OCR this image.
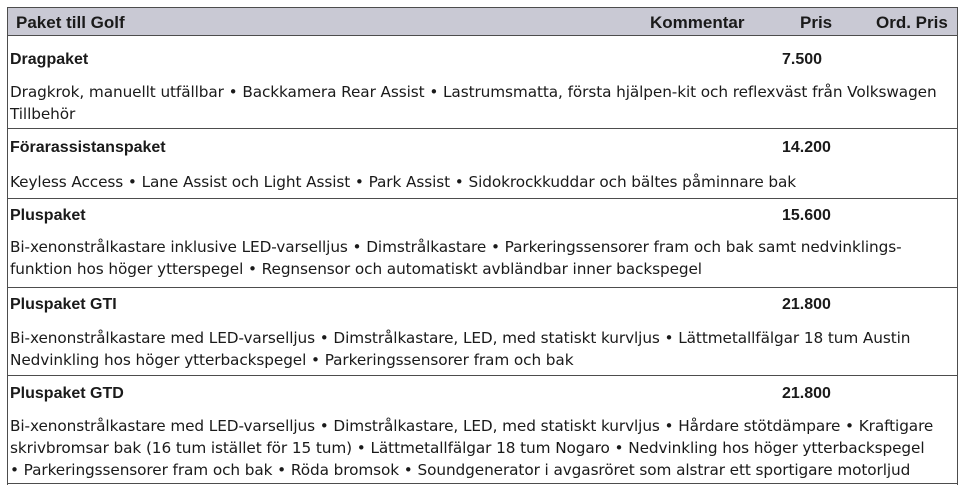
Paket till Golf	Kommentar	Pris	Ord. Pris
Dragpaket	7.500
Dragkrok, manuellt utfällbar • Backkamera Rear Assist • Lastrumsmatta, första hjälpen-kit och reflexväst från Volkswagen
Tillbehör
Förarassistanspaket	14.200
Keyless Access • Lane Assist och Light Assist • Park Assist • Sidokrockkuddar och bältes påminnare bak
Pluspaket	15.600
Bi-xenonstrålkastare inklusive LED-varselljus • Dimstrålkastare • Parkeringssensorer fram och bak samt nedvinklings-
funktion hos höger ytterspegel • Regnsensor och automatiskt avbländbar inner backspegel
Pluspaket GTI	21.800
Bi-xenonstrålkastare med LED-varselljus • Dimstrålkastare, LED, med statiskt kurvljus • Lättmetallfälgar 18 tum Austin
Nedvinkling hos höger ytterbackspegel • Parkeringssensorer fram och bak
Pluspaket GTD	21.800
Bi-xenonstrålkastare med LED-varselljus • Dimstrålkastare, LED, med statiskt kurvljus • Hårdare stötdämpare • Kraftigare
skrivbromsar bak (16 tum istället för 15 tum) • Lättmetallfälgar 18 tum Nogaro • Nedvinkling hos höger ytterbackspegel
• Parkeringssensorer fram och bak • Röda bromsok • Soundgenerator i avgasröret som alstrar ett sportigare motorljud
